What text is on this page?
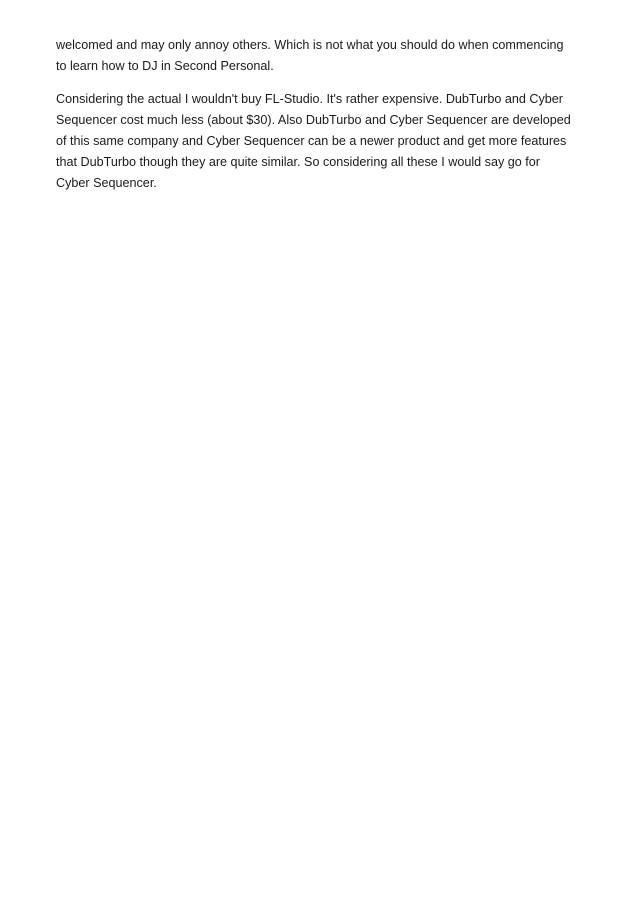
welcomed and may only annoy others. Which is not what you should do when commencing
to learn how to DJ in Second Personal.

Considering the actual I wouldn't buy FL-Studio. It's rather expensive. DubTurbo and Cyber
Sequencer cost much less (about $30). Also DubTurbo and Cyber Sequencer are developed
of this same company and Cyber Sequencer can be a newer product and get more features
that DubTurbo though they are quite similar. So considering all these I would say go for
Cyber Sequencer.
